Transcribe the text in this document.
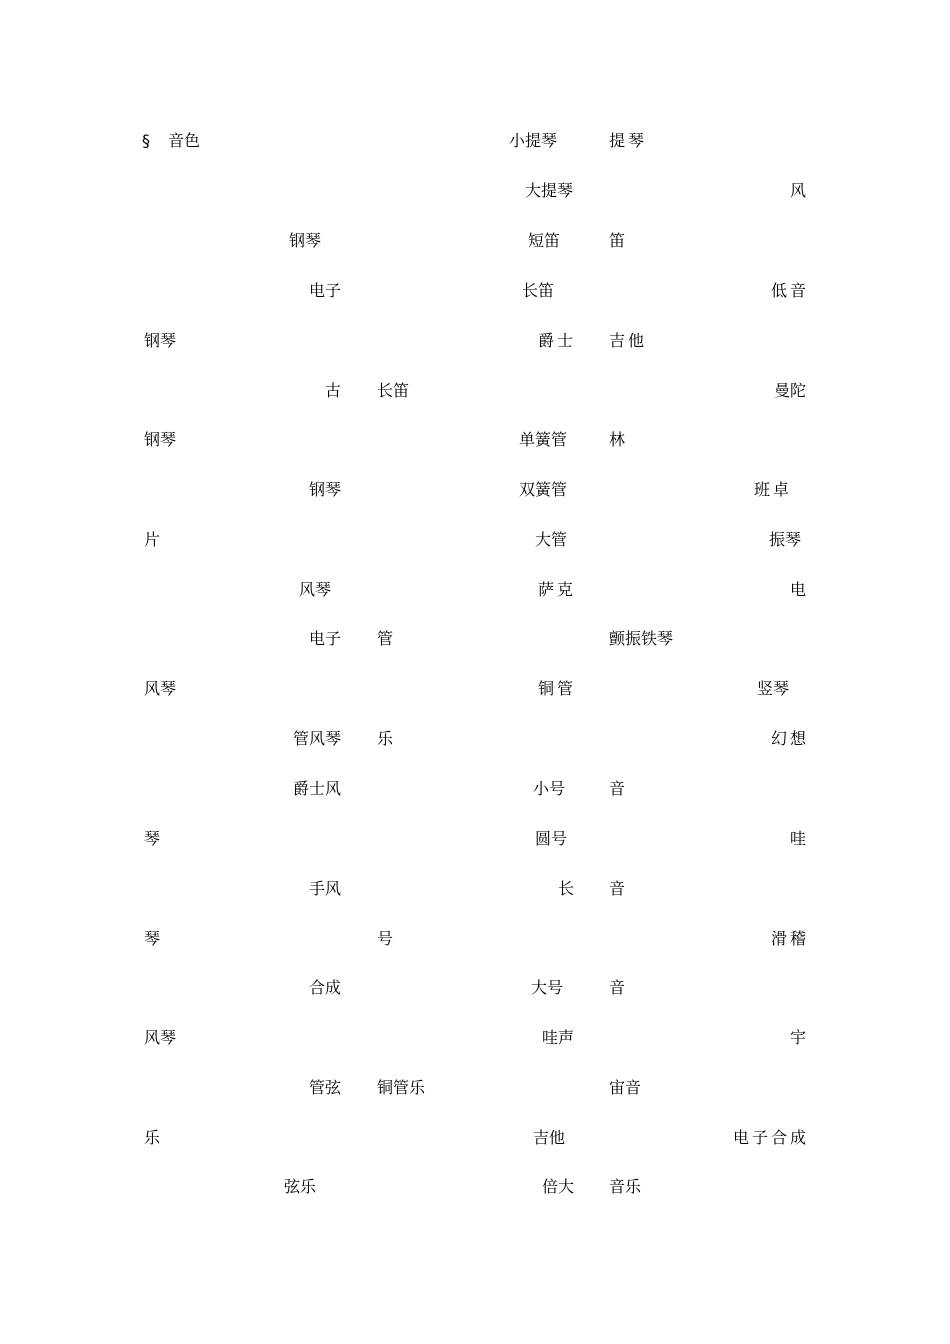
§ 音色
钢琴
电子
钢琴
古
钢琴
钢琴
片
风琴
电子
风琴
管风琴
爵士风
琴
手风
琴
合成
风琴
管弦
乐
弦乐
长笛
管
乐
号
铜管乐
小提琴
大提琴
短笛
长笛
爵士
单簧管
双簧管
大管
萨克
铜管
小号
圆号
长
大号
哇声
吉他
倍大
提琴
笛
吉他
林
颤振铁琴
音
音
音
宙音
音乐
风
低音
曼陀
班卓
振琴
电
竖琴
幻想
哇
滑稽
宇
电子合成
